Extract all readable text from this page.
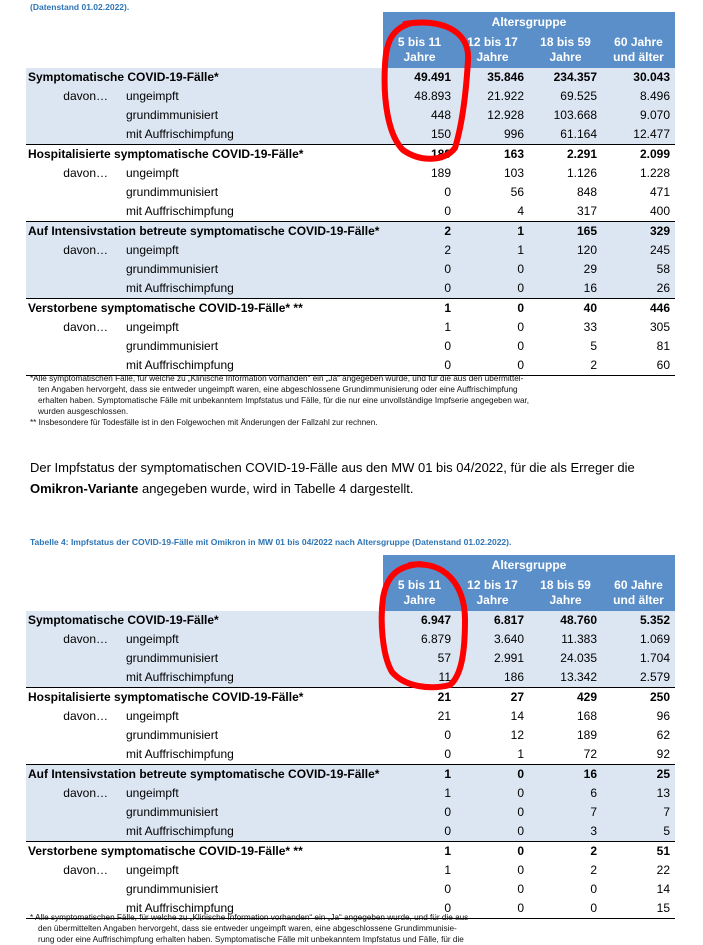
(Datenstand 01.02.2022).
	Altersgruppe			
	5 bis 11 Jahre	12 bis 17 Jahre	18 bis 59 Jahre	60 Jahre und älter
Symptomatische COVID-19-Fälle*	49.491	35.846	234.357	30.043
davon… ungeimpft	48.893	21.922	69.525	8.496
grundimmunisiert	448	12.928	103.668	9.070
mit Auffrischimpfung	150	996	61.164	12.477
Hospitalisierte symptomatische COVID-19-Fälle*	189	163	2.291	2.099
davon… ungeimpft	189	103	1.126	1.228
grundimmunisiert	0	56	848	471
mit Auffrischimpfung	0	4	317	400
Auf Intensivstation betreute symptomatische COVID-19-Fälle*	2	1	165	329
davon… ungeimpft	2	1	120	245
grundimmunisiert	0	0	29	58
mit Auffrischimpfung	0	0	16	26
Verstorbene symptomatische COVID-19-Fälle* **	1	0	40	446
davon… ungeimpft	1	0	33	305
grundimmunisiert	0	0	5	81
mit Auffrischimpfung	0	0	2	60

*Alle symptomatischen Fälle, für welche zu „Klinische Information vorhanden“ ein „Ja“ angegeben wurde, und für die aus den übermittel-

ten Angaben hervorgeht, dass sie entweder ungeimpft waren, eine abgeschlossene Grundimmunisierung oder eine Auffrischimpfung

erhalten haben. Symptomatische Fälle mit unbekanntem Impfstatus und Fälle, für die nur eine unvollständige Impfserie angegeben war,

wurden ausgeschlossen.

** Insbesondere für Todesfälle ist in den Folgewochen mit Änderungen der Fallzahl zur rechnen.

Der Impfstatus der symptomatischen COVID-19-Fälle aus den MW 01 bis 04/2022, für die als Erreger die Omikron-Variante angegeben wurde, wird in Tabelle 4 dargestellt.
Tabelle 4: Impfstatus der COVID-19-Fälle mit Omikron in MW 01 bis 04/2022 nach Altersgruppe (Datenstand 01.02.2022).
	Altersgruppe			
	5 bis 11 Jahre	12 bis 17 Jahre	18 bis 59 Jahre	60 Jahre und älter
Symptomatische COVID-19-Fälle*	6.947	6.817	48.760	5.352
davon… ungeimpft	6.879	3.640	11.383	1.069
grundimmunisiert	57	2.991	24.035	1.704
mit Auffrischimpfung	11	186	13.342	2.579
Hospitalisierte symptomatische COVID-19-Fälle*	21	27	429	250
davon… ungeimpft	21	14	168	96
grundimmunisiert	0	12	189	62
mit Auffrischimpfung	0	1	72	92
Auf Intensivstation betreute symptomatische COVID-19-Fälle*	1	0	16	25
davon… ungeimpft	1	0	6	13
grundimmunisiert	0	0	7	7
mit Auffrischimpfung	0	0	3	5
Verstorbene symptomatische COVID-19-Fälle* **	1	0	2	51
davon… ungeimpft	1	0	2	22
grundimmunisiert	0	0	0	14
mit Auffrischimpfung	0	0	0	15

* Alle symptomatischen Fälle, für welche zu „Klinische Information vorhanden“ ein „Ja“ angegeben wurde, und für die aus

den übermittelten Angaben hervorgeht, dass sie entweder ungeimpft waren, eine abgeschlossene Grundimmunisie-

rung oder eine Auffrischimpfung erhalten haben. Symptomatische Fälle mit unbekanntem Impfstatus und Fälle, für die
